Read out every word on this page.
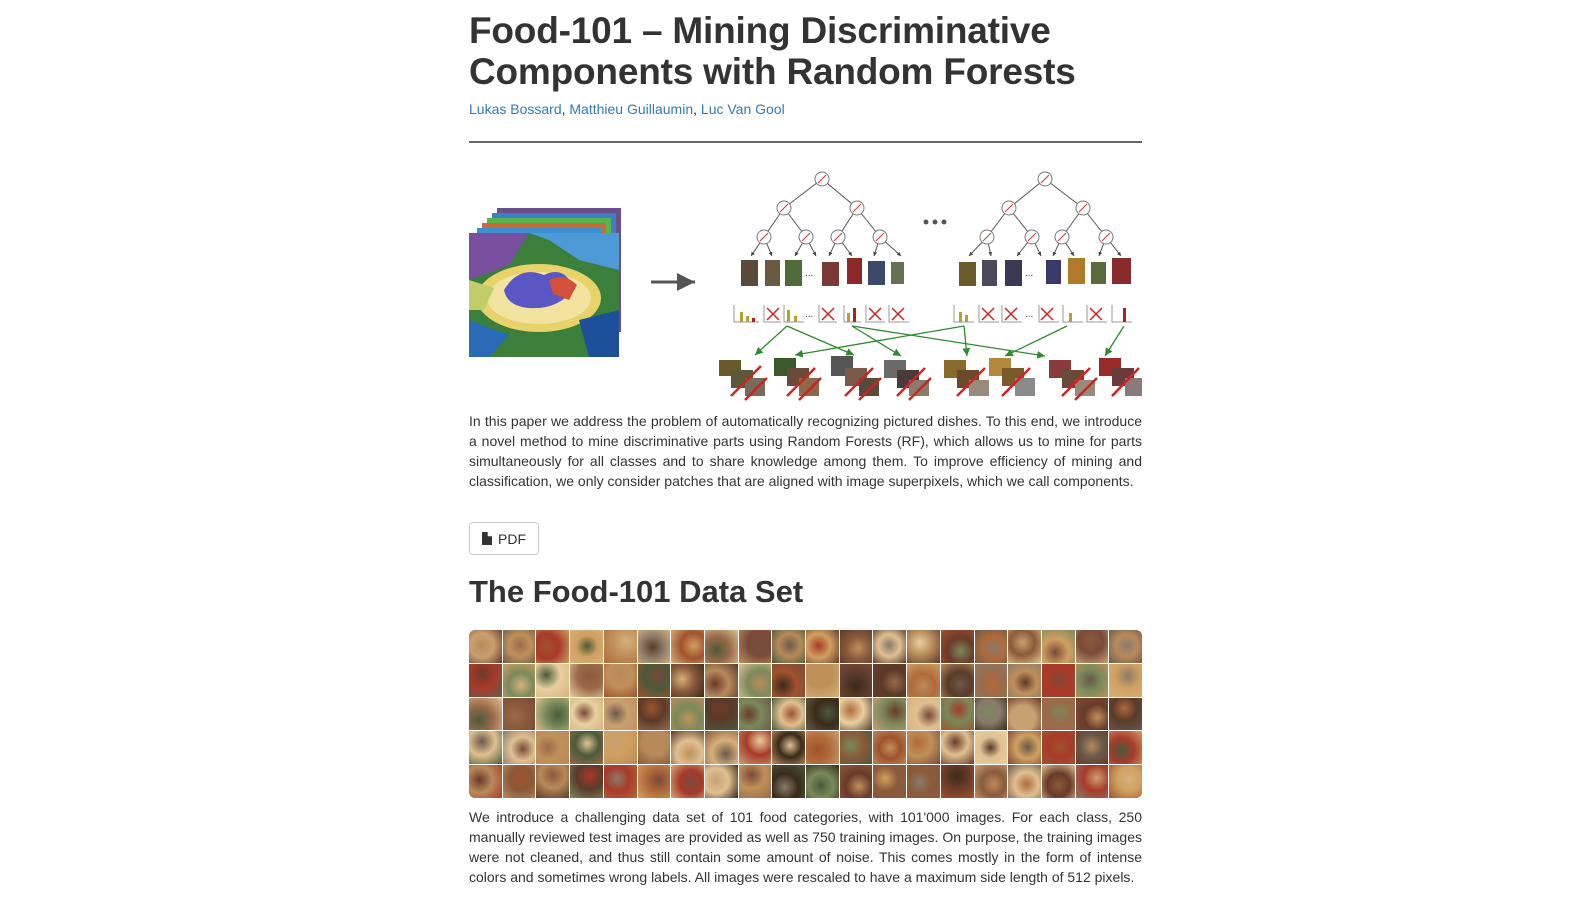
Food-101 – Mining Discriminative Components with Random Forests
Lukas Bossard, Matthieu Guillaumin, Luc Van Gool
...
...
...
...

In this paper we address the problem of automatically recognizing pictured dishes. To this end, we introduce a novel method to mine discriminative parts using Random Forests (RF), which allows us to mine for parts simultaneously for all classes and to share knowledge among them. To improve efficiency of mining and classification, we only consider patches that are aligned with image superpixels, which we call components.

PDF
The Food-101 Data Set

We introduce a challenging data set of 101 food categories, with 101'000 images. For each class, 250 manually reviewed test images are provided as well as 750 training images. On purpose, the training images were not cleaned, and thus still contain some amount of noise. This comes mostly in the form of intense colors and sometimes wrong labels. All images were rescaled to have a maximum side length of 512 pixels.
